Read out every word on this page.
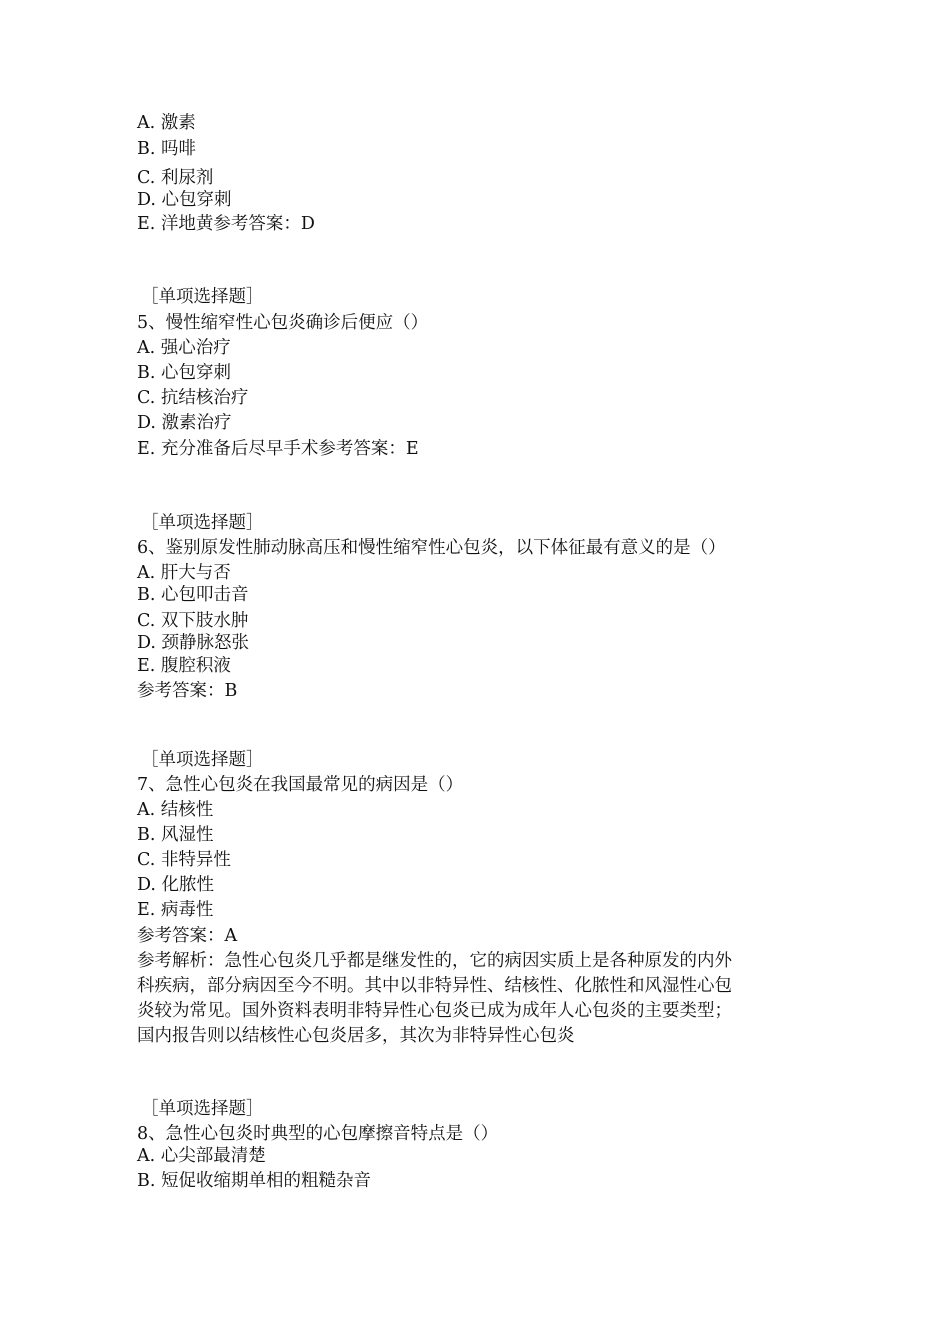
A. 激素
B. 吗啡
C. 利尿剂
D. 心包穿刺
E. 洋地黄参考答案：D
［单项选择题］
5、慢性缩窄性心包炎确诊后便应（）
A. 强心治疗
B. 心包穿刺
C. 抗结核治疗
D. 激素治疗
E. 充分准备后尽早手术参考答案：E
［单项选择题］
6、鉴别原发性肺动脉高压和慢性缩窄性心包炎，以下体征最有意义的是（）
A. 肝大与否
B. 心包叩击音
C. 双下肢水肿
D. 颈静脉怒张
E. 腹腔积液
参考答案：B
［单项选择题］
7、急性心包炎在我国最常见的病因是（）
A. 结核性
B. 风湿性
C. 非特异性
D. 化脓性
E. 病毒性
参考答案：A
参考解析：急性心包炎几乎都是继发性的，它的病因实质上是各种原发的内外
科疾病，部分病因至今不明。其中以非特异性、结核性、化脓性和风湿性心包
炎较为常见。国外资料表明非特异性心包炎已成为成年人心包炎的主要类型；
国内报告则以结核性心包炎居多，其次为非特异性心包炎
［单项选择题］
8、急性心包炎时典型的心包摩擦音特点是（）
A. 心尖部最清楚
B. 短促收缩期单相的粗糙杂音
